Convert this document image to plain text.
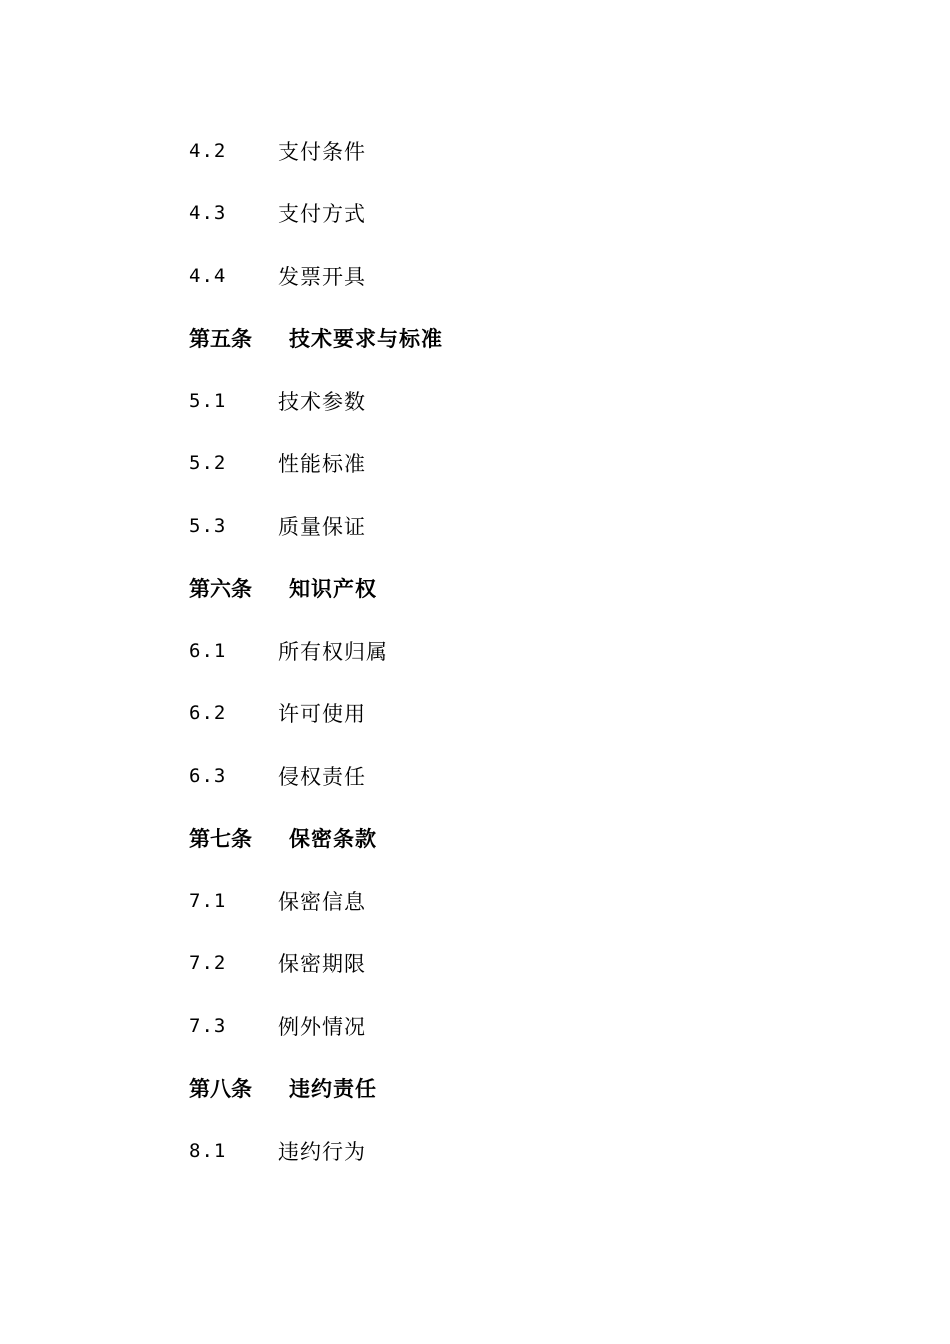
4.2 支付条件
4.3 支付方式
4.4 发票开具
第五条 技术要求与标准
5.1 技术参数
5.2 性能标准
5.3 质量保证
第六条 知识产权
6.1 所有权归属
6.2 许可使用
6.3 侵权责任
第七条 保密条款
7.1 保密信息
7.2 保密期限
7.3 例外情况
第八条 违约责任
8.1 违约行为
